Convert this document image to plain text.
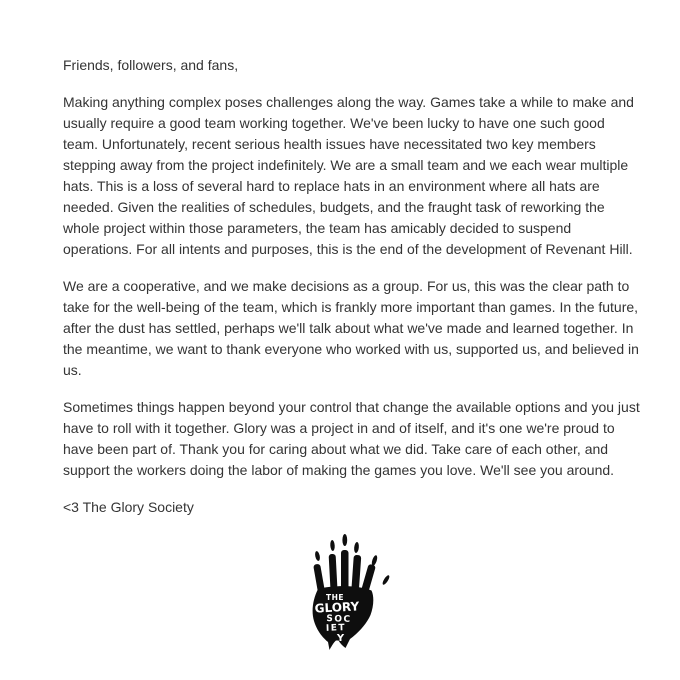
Friends, followers, and fans,

Making anything complex poses challenges along the way. Games take a while to make and usually require a good team working together. We've been lucky to have one such good team. Unfortunately, recent serious health issues have necessitated two key members stepping away from the project indefinitely. We are a small team and we each wear multiple hats. This is a loss of several hard to replace hats in an environment where all hats are needed. Given the realities of schedules, budgets, and the fraught task of reworking the whole project within those parameters, the team has amicably decided to suspend operations. For all intents and purposes, this is the end of the development of Revenant Hill.

We are a cooperative, and we make decisions as a group. For us, this was the clear path to take for the well-being of the team, which is frankly more important than games. In the future, after the dust has settled, perhaps we'll talk about what we've made and learned together. In the meantime, we want to thank everyone who worked with us, supported us, and believed in us.

Sometimes things happen beyond your control that change the available options and you just have to roll with it together. Glory was a project in and of itself, and it's one we're proud to have been part of. Thank you for caring about what we did. Take care of each other, and support the workers doing the labor of making the games you love. We'll see you around.

<3 The Glory Society

THE
GLORY
SOC
IET
Y
